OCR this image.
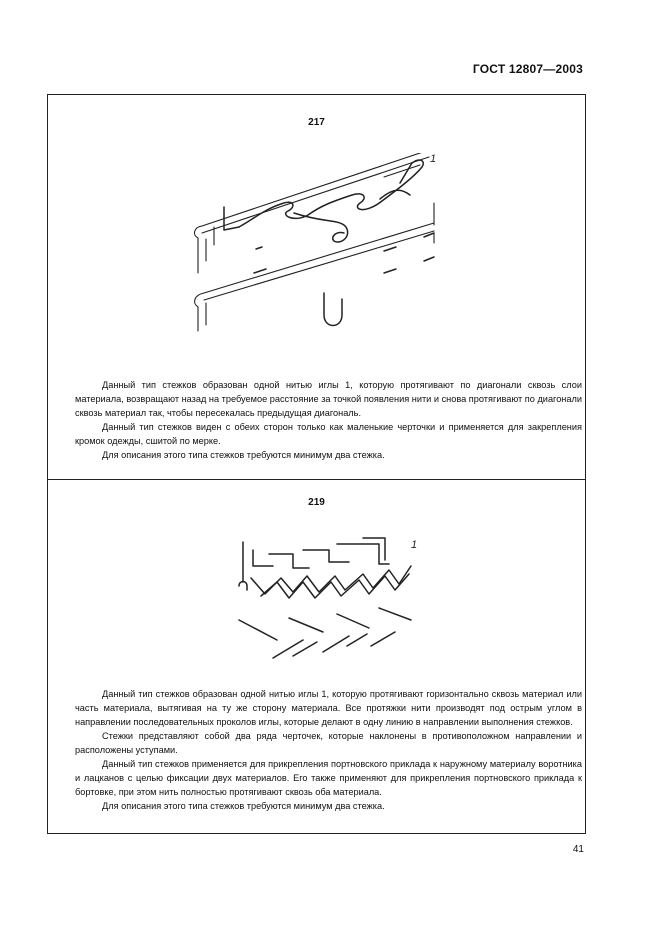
ГОСТ 12807—2003
217
1

Данный тип стежков образован одной нитью иглы 1, которую протягивают по диагонали сквозь слои материала, возвращают назад на требуемое расстояние за точкой появления нити и снова протягивают по диагонали сквозь материал так, чтобы пересекалась предыдущая диагональ.

Данный тип стежков виден с обеих сторон только как маленькие черточки и применяется для закрепления кромок одежды, сшитой по мерке.

Для описания этого типа стежков требуются минимум два стежка.

219
1

Данный тип стежков образован одной нитью иглы 1, которую протягивают горизонтально сквозь материал или часть материала, вытягивая на ту же сторону материала. Все протяжки нити производят под острым углом в направлении последовательных проколов иглы, которые делают в одну линию в направлении выполнения стежков.

Стежки представляют собой два ряда черточек, которые наклонены в противоположном направлении и расположены уступами.

Данный тип стежков применяется для прикрепления портновского приклада к наружному материалу воротника и лацканов с целью фиксации двух материалов. Его также применяют для прикрепления портновского приклада к бортовке, при этом нить полностью протягивают сквозь оба материала.

Для описания этого типа стежков требуются минимум два стежка.

41
